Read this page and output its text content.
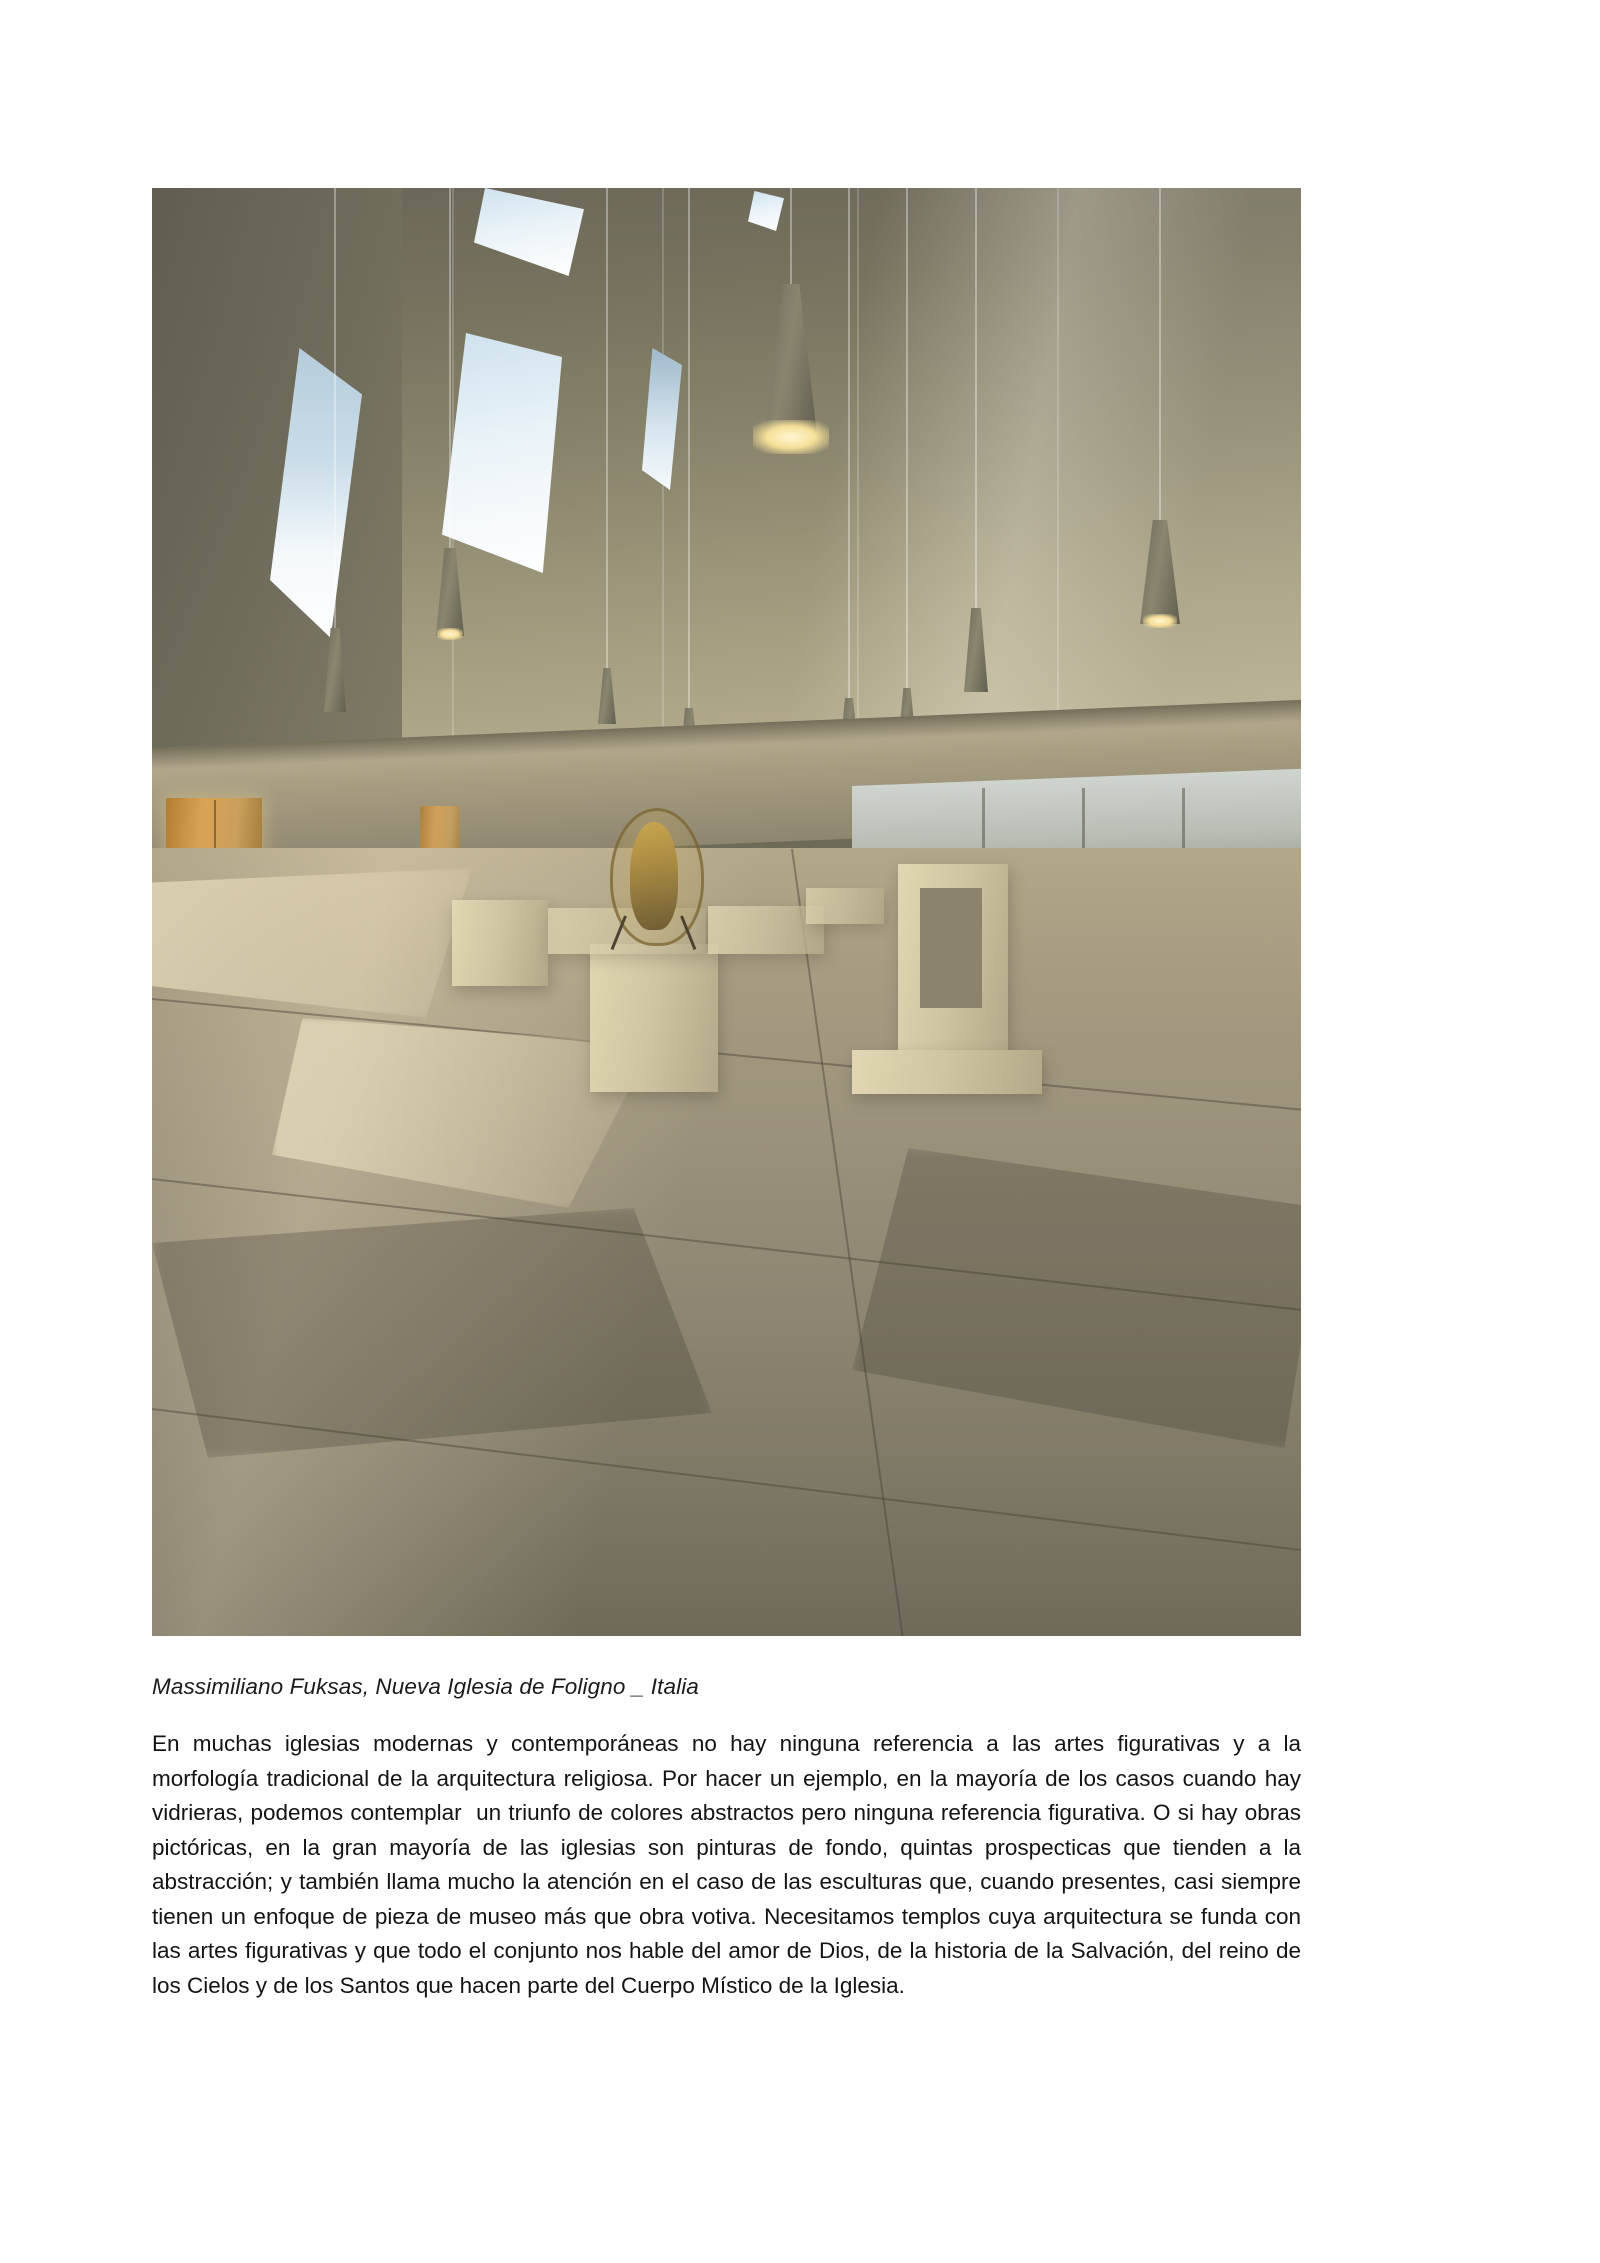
Massimiliano Fuksas, Nueva Iglesia de Foligno _ Italia

En muchas iglesias modernas y contemporáneas no hay ninguna referencia a las artes figurativas y a la morfología tradicional de la arquitectura religiosa. Por hacer un ejemplo, en la mayoría de los casos cuando hay vidrieras, podemos contemplar  un triunfo de colores abstractos pero ninguna referencia figurativa. O si hay obras pictóricas, en la gran mayoría de las iglesias son pinturas de fondo, quintas prospecticas que tienden a la abstracción; y también llama mucho la atención en el caso de las esculturas que, cuando presentes, casi siempre tienen un enfoque de pieza de museo más que obra votiva. Necesitamos templos cuya arquitectura se funda con las artes figurativas y que todo el conjunto nos hable del amor de Dios, de la historia de la Salvación, del reino de los Cielos y de los Santos que hacen parte del Cuerpo Místico de la Iglesia.
